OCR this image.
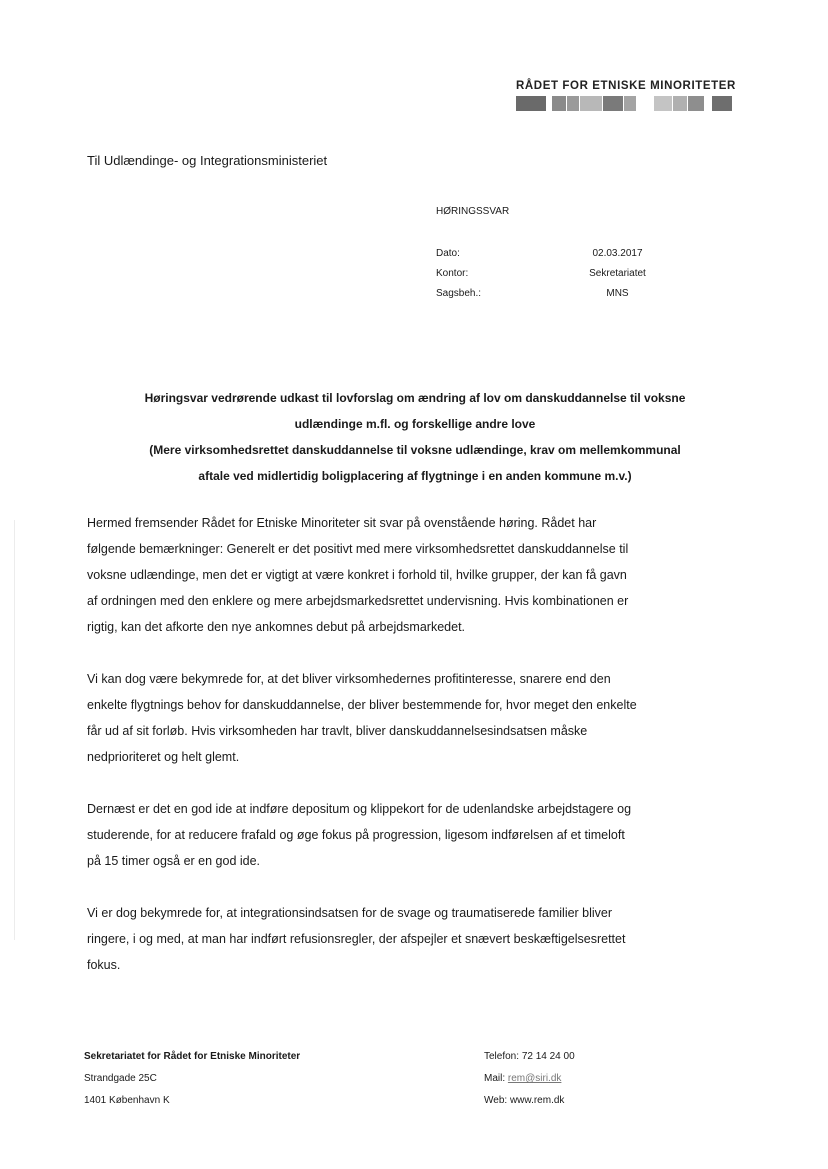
RÅDET FOR ETNISKE MINORITETER
Til Udlændinge- og Integrationsministeriet
HØRINGSSVAR
Dato:	02.03.2017
Kontor:	Sekretariatet
Sagsbeh.:	MNS
Høringsvar vedrørende udkast til lovforslag om ændring af lov om danskuddannelse til voksne
udlændinge m.fl. og forskellige andre love
(Mere virksomhedsrettet danskuddannelse til voksne udlændinge, krav om mellemkommunal
aftale ved midlertidig boligplacering af flygtninge i en anden kommune m.v.)

Hermed fremsender Rådet for Etniske Minoriteter sit svar på ovenstående høring. Rådet har

følgende bemærkninger: Generelt er det positivt med mere virksomhedsrettet danskuddannelse til

voksne udlændinge, men det er vigtigt at være konkret i forhold til, hvilke grupper, der kan få gavn

af ordningen med den enklere og mere arbejdsmarkedsrettet undervisning. Hvis kombinationen er

rigtig, kan det afkorte den nye ankomnes debut på arbejdsmarkedet.

Vi kan dog være bekymrede for, at det bliver virksomhedernes profitinteresse, snarere end den

enkelte flygtnings behov for danskuddannelse, der bliver bestemmende for, hvor meget den enkelte

får ud af sit forløb. Hvis virksomheden har travlt, bliver danskuddannelsesindsatsen måske

nedprioriteret og helt glemt.

Dernæst er det en god ide at indføre depositum og klippekort for de udenlandske arbejdstagere og

studerende, for at reducere frafald og øge fokus på progression, ligesom indførelsen af et timeloft

på 15 timer også er en god ide.

Vi er dog bekymrede for, at integrationsindsatsen for de svage og traumatiserede familier bliver

ringere, i og med, at man har indført refusionsregler, der afspejler et snævert beskæftigelsesrettet

fokus.

Sekretariatet for Rådet for Etniske Minoriteter
Strandgade 25C
1401 København K
Telefon: 72 14 24 00
Mail: rem@siri.dk
Web: www.rem.dk
